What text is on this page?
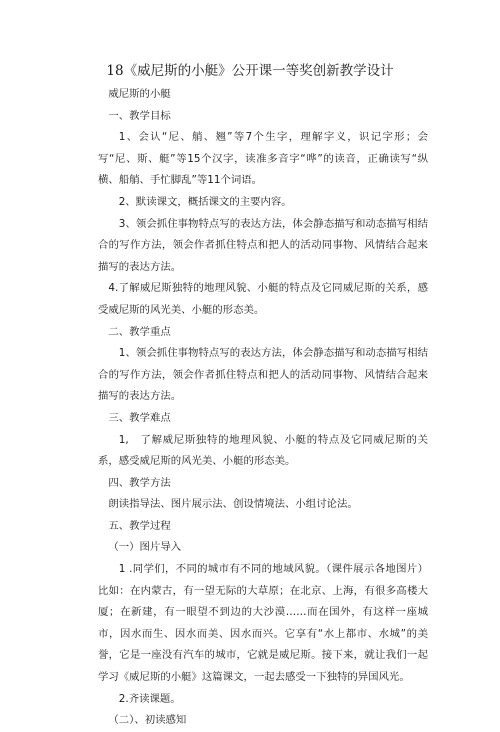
18《威尼斯的小艇》公开课一等奖创新教学设计

威尼斯的小艇

一、教学目标

1、会认“尼、艄、翘”等7个生字，理解字义，识记字形；会写“尼、斯、艇”等15个汉字，读准多音字“哗”的读音，正确读写“纵横、船艄、手忙脚乱”等11个词语。

2、默读课文，概括课文的主要内容。

3、领会抓住事物特点写的表达方法，体会静态描写和动态描写相结合的写作方法，领会作者抓住特点和把人的活动同事物、风情结合起来描写的表达方法。

4.了解威尼斯独特的地理风貌、小艇的特点及它同威尼斯的关系，感受威尼斯的风光美、小艇的形态美。

二、教学重点

1、领会抓住事物特点写的表达方法，体会静态描写和动态描写相结合的写作方法，领会作者抓住特点和把人的活动同事物、风情结合起来描写的表达方法。

三、教学难点

1,　了解威尼斯独特的地理风貌、小艇的特点及它同威尼斯的关系，感受威尼斯的风光美、小艇的形态美。

四、教学方法

朗读指导法、图片展示法、创设情境法、小组讨论法。

五、教学过程

（一）图片导入

1 .同学们，不同的城市有不同的地域风貌。（课件展示各地图片）比如：在内蒙古，有一望无际的大草原；在北京、上海，有很多高楼大厦；在新建，有一眼望不到边的大沙漠……而在国外，有这样一座城市，因水而生、因水而美、因水而兴。它享有“水上都市、水城”的美誉，它是一座没有汽车的城市，它就是威尼斯。接下来，就让我们一起学习《威尼斯的小艇》这篇课文，一起去感受一下独特的异国风光。

2.齐读课题。

（二）、初读感知
